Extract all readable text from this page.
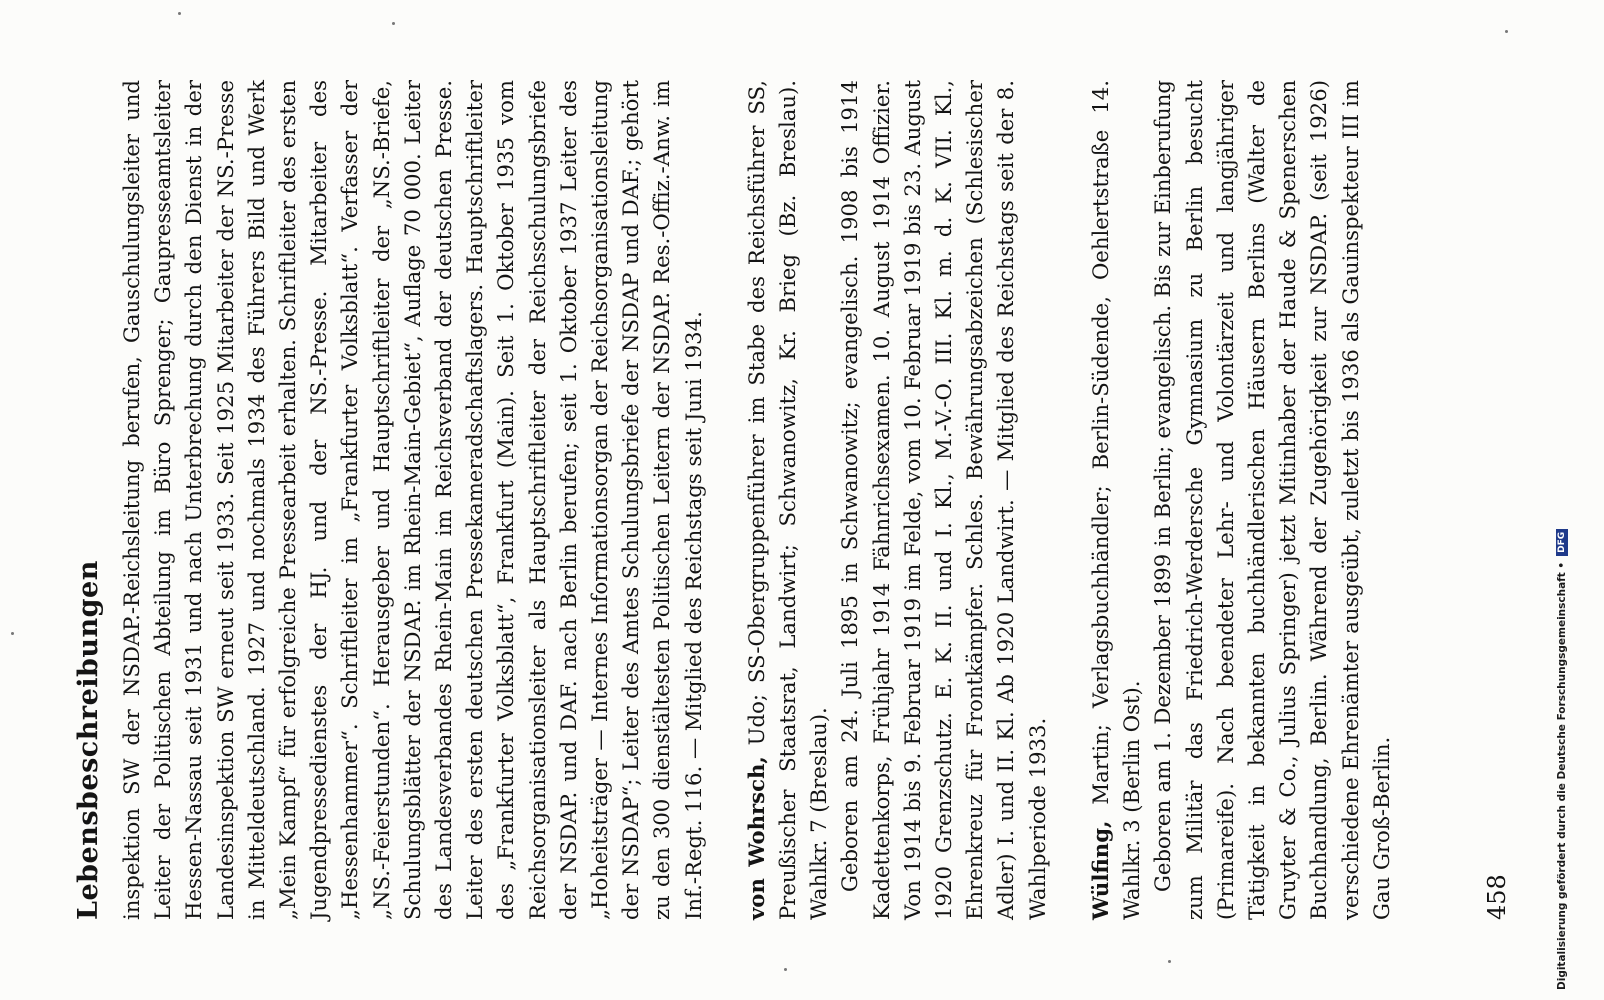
Lebensbeschreibungen inspektion SW der NSDAP.-Reichsleitung berufen, Gauschulungsleiter und Leiter der Politischen Abteilung im Büro Sprenger; Gaupresseamtsleiter Hessen-Nassau seit 1931 und nach Unterbrechung durch den Dienst in der Landesinspektion SW erneut seit 1933. Seit 1925 Mitarbeiter der NS.-Presse in Mitteldeutschland. 1927 und nochmals 1934 des Führers Bild und Werk „Mein Kampf“ für erfolgreiche Pressearbeit erhalten. Schriftleiter des ersten Jugendpressedienstes der HJ. und der NS.-Presse. Mitarbeiter des „Hessenhammer“. Schriftleiter im „Frankfurter Volksblatt“. Verfasser der „NS.-Feierstunden“. Herausgeber und Hauptschriftleiter der „NS.-Briefe, Schulungsblätter der NSDAP. im Rhein-Main-Gebiet“, Auflage 70 000. Leiter des Landesverbandes Rhein-Main im Reichsverband der deutschen Presse. Leiter des ersten deutschen Pressekameradschaftslagers. Hauptschriftleiter des „Frankfurter Volksblatt“, Frankfurt (Main). Seit 1. Oktober 1935 vom Reichsorganisationsleiter als Hauptschriftleiter der Reichsschulungsbriefe der NSDAP. und DAF. nach Berlin berufen; seit 1. Oktober 1937 Leiter des „Hoheitsträger — Internes Informationsorgan der Reichsorganisationsleitung der NSDAP“; Leiter des Amtes Schulungsbriefe der NSDAP und DAF.; gehört zu den 300 dienstältesten Politischen Leitern der NSDAP. Res.-Offiz.-Anw. im Inf.-Regt. 116. — Mitglied des Reichstags seit Juni 1934. von Wohrsch, Udo; SS-Obergruppenführer im Stabe des Reichsführer SS, Preußischer Staatsrat, Landwirt; Schwanowitz, Kr. Brieg (Bz. Breslau). Wahlkr. 7 (Breslau). Geboren am 24. Juli 1895 in Schwanowitz; evangelisch. 1908 bis 1914 Kadettenkorps, Frühjahr 1914 Fähnrichsexamen. 10. August 1914 Offizier. Von 1914 bis 9. Februar 1919 im Felde, vom 10. Februar 1919 bis 23. August 1920 Grenzschutz. E. K. II. und I. Kl., M.-V.-O. III. Kl. m. d. K. VII. Kl., Ehrenkreuz für Frontkämpfer. Schles. Bewährungsabzeichen (Schlesischer Adler) I. und II. Kl. Ab 1920 Landwirt. — Mitglied des Reichstags seit der 8. Wahlperiode 1933. Wülfing, Martin; Verlagsbuchhändler; Berlin-Südende, Oehlertstraße 14. Wahlkr. 3 (Berlin Ost). Geboren am 1. Dezember 1899 in Berlin; evangelisch. Bis zur Einberufung zum Militär das Friedrich-Werdersche Gymnasium zu Berlin besucht (Primareife). Nach beendeter Lehr- und Volontärzeit und langjähriger Tätigkeit in bekannten buchhändlerischen Häusern Berlins (Walter de Gruyter & Co., Julius Springer) jetzt Mitinhaber der Haude & Spenerschen Buchhandlung, Berlin. Während der Zugehörigkeit zur NSDAP. (seit 1926) verschiedene Ehrenämter ausgeübt, zuletzt bis 1936 als Gauinspekteur III im Gau Groß-Berlin.	458	Digitalisierung gefördert durch die Deutsche Forschungsgemeinschaft •
DFG
